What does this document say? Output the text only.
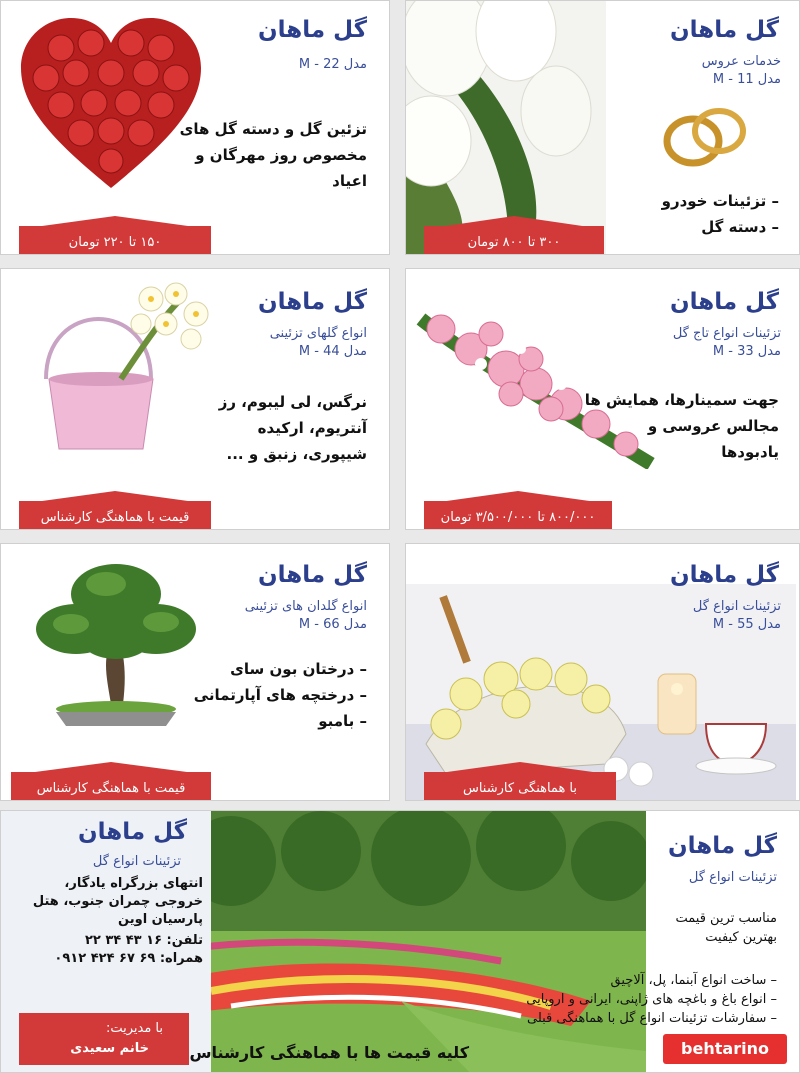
گل ماهان
خدمات عروس
مدل 11 - M
– تزئینات خودرو
– دسته گل
۳۰۰ تا ۸۰۰ تومان
گل ماهان
مدل 22 - M
تزئین گل و دسته گل های
مخصوص روز مهرگان و
اعیاد
۱۵۰ تا ۲۲۰ تومان
گل ماهان
تزئینات انواع تاج گل
مدل 33 - M
جهت سمینارها، همایش ها
مجالس عروسی و
یادبودها
۸۰۰/۰۰۰ تا ۳/۵۰۰/۰۰۰ تومان
گل ماهان
انواع گلهای تزئینی
مدل 44 - M
نرگس، لی لیبوم، رز
آنتریوم، ارکیده
شیپوری، زنبق و ...
قیمت با هماهنگی کارشناس
گل ماهان
تزئینات انواع گل
مدل 55 - M
با هماهنگی کارشناس
گل ماهان
انواع گلدان های تزئینی
مدل 66 - M
– درختان بون سای
– درختچه های آپارتمانی
– بامبو
قیمت با هماهنگی کارشناس
گل ماهان
تزئینات انواع گل
مناسب ترین قیمت
بهترین کیفیت
– ساخت انواع آبنما، پل، آلاچیق
– انواع باغ و باغچه های ژاپنی، ایرانی و اروپایی
– سفارشات تزئینات انواع گل با هماهنگی قبلی
behtarino
گل ماهان
تزئینات انواع گل
انتهای بزرگراه یادگار،
خروجی چمران جنوب، هتل
پارسیان اوین
تلفن: ۱۶ ۴۳ ۳۴ ۲۲
همراه: ۶۹ ۶۷ ۴۲۴ ۰۹۱۲
با مدیریت:
خانم سعیدی	کلیه قیمت ها با هماهنگی کارشناس
